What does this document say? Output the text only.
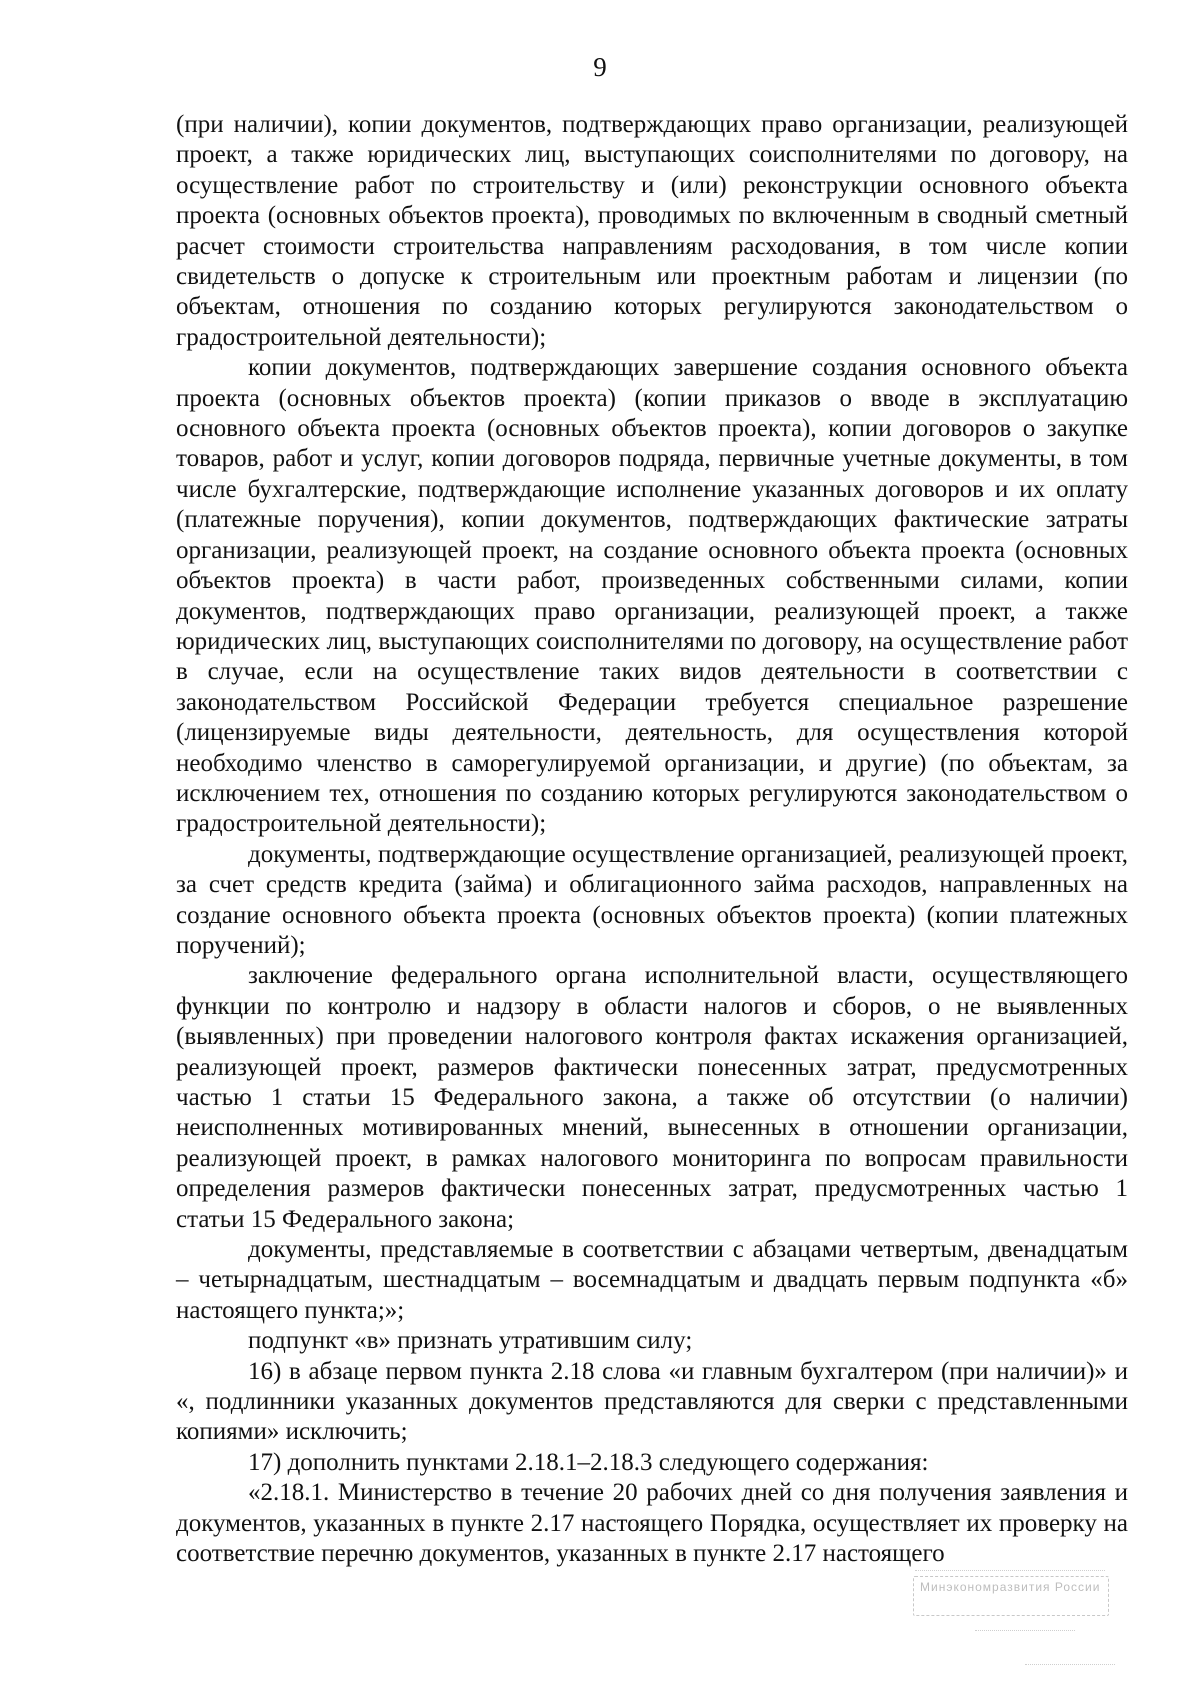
9

(при наличии), копии документов, подтверждающих право организации, реализующей проект, а также юридических лиц, выступающих соисполнителями по договору, на осуществление работ по строительству и (или) реконструкции основного объекта проекта (основных объектов проекта), проводимых по включенным в сводный сметный расчет стоимости строительства направлениям расходования, в том числе копии свидетельств о допуске к строительным или проектным работам и лицензии (по объектам, отношения по созданию которых регулируются законодательством о градостроительной деятельности);

копии документов, подтверждающих завершение создания основного объекта проекта (основных объектов проекта) (копии приказов о вводе в эксплуатацию основного объекта проекта (основных объектов проекта), копии договоров о закупке товаров, работ и услуг, копии договоров подряда, первичные учетные документы, в том числе бухгалтерские, подтверждающие исполнение указанных договоров и их оплату (платежные поручения), копии документов, подтверждающих фактические затраты организации, реализующей проект, на создание основного объекта проекта (основных объектов проекта) в части работ, произведенных собственными силами, копии документов, подтверждающих право организации, реализующей проект, а также юридических лиц, выступающих соисполнителями по договору, на осуществление работ в случае, если на осуществление таких видов деятельности в соответствии с законодательством Российской Федерации требуется специальное разрешение (лицензируемые виды деятельности, деятельность, для осуществления которой необходимо членство в саморегулируемой организации, и другие) (по объектам, за исключением тех, отношения по созданию которых регулируются законодательством о градостроительной деятельности);

документы, подтверждающие осуществление организацией, реализующей проект, за счет средств кредита (займа) и облигационного займа расходов, направленных на создание основного объекта проекта (основных объектов проекта) (копии платежных поручений);

заключение федерального органа исполнительной власти, осуществляющего функции по контролю и надзору в области налогов и сборов, о не выявленных (выявленных) при проведении налогового контроля фактах искажения организацией, реализующей проект, размеров фактически понесенных затрат, предусмотренных частью 1 статьи 15 Федерального закона, а также об отсутствии (о наличии) неисполненных мотивированных мнений, вынесенных в отношении организации, реализующей проект, в рамках налогового мониторинга по вопросам правильности определения размеров фактически понесенных затрат, предусмотренных частью 1 статьи 15 Федерального закона;

документы, представляемые в соответствии с абзацами четвертым, двенадцатым – четырнадцатым, шестнадцатым – восемнадцатым и двадцать первым подпункта «б» настоящего пункта;»;

подпункт «в» признать утратившим силу;

16) в абзаце первом пункта 2.18 слова «и главным бухгалтером (при наличии)» и «, подлинники указанных документов представляются для сверки с представленными копиями» исключить;

17) дополнить пунктами 2.18.1–2.18.3 следующего содержания:

«2.18.1. Министерство в течение 20 рабочих дней со дня получения заявления и документов, указанных в пункте 2.17 настоящего Порядка, осуществляет их проверку на соответствие перечню документов, указанных в пункте 2.17 настоящего

Минэкономразвития России
